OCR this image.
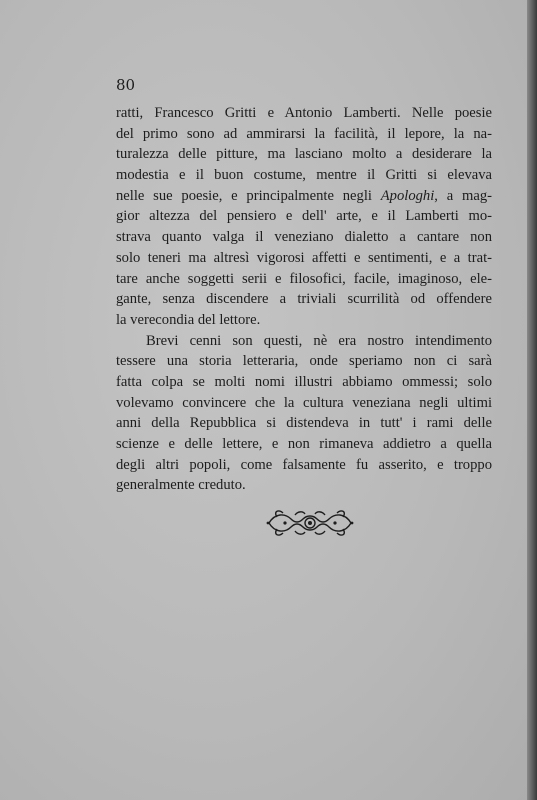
80
ratti, Francesco Gritti e Antonio Lamberti. Nelle poesie
del primo sono ad ammirarsi la facilità, il lepore, la na-
turalezza delle pitture, ma lasciano molto a desiderare la
modestia e il buon costume, mentre il Gritti si elevava
nelle sue poesie, e principalmente negli Apologhi, a mag-
gior altezza del pensiero e dell' arte, e il Lamberti mo-
strava quanto valga il veneziano dialetto a cantare non
solo teneri ma altresì vigorosi affetti e sentimenti, e a trat-
tare anche soggetti serii e filosofici, facile, imaginoso, ele-
gante, senza discendere a triviali scurrilità od offendere
la verecondia del lettore.
Brevi cenni son questi, nè era nostro intendimento
tessere una storia letteraria, onde speriamo non ci sarà
fatta colpa se molti nomi illustri abbiamo ommessi; solo
volevamo convincere che la cultura veneziana negli ultimi
anni della Repubblica si distendeva in tutt' i rami delle
scienze e delle lettere, e non rimaneva addietro a quella
degli altri popoli, come falsamente fu asserito, e troppo
generalmente creduto.
